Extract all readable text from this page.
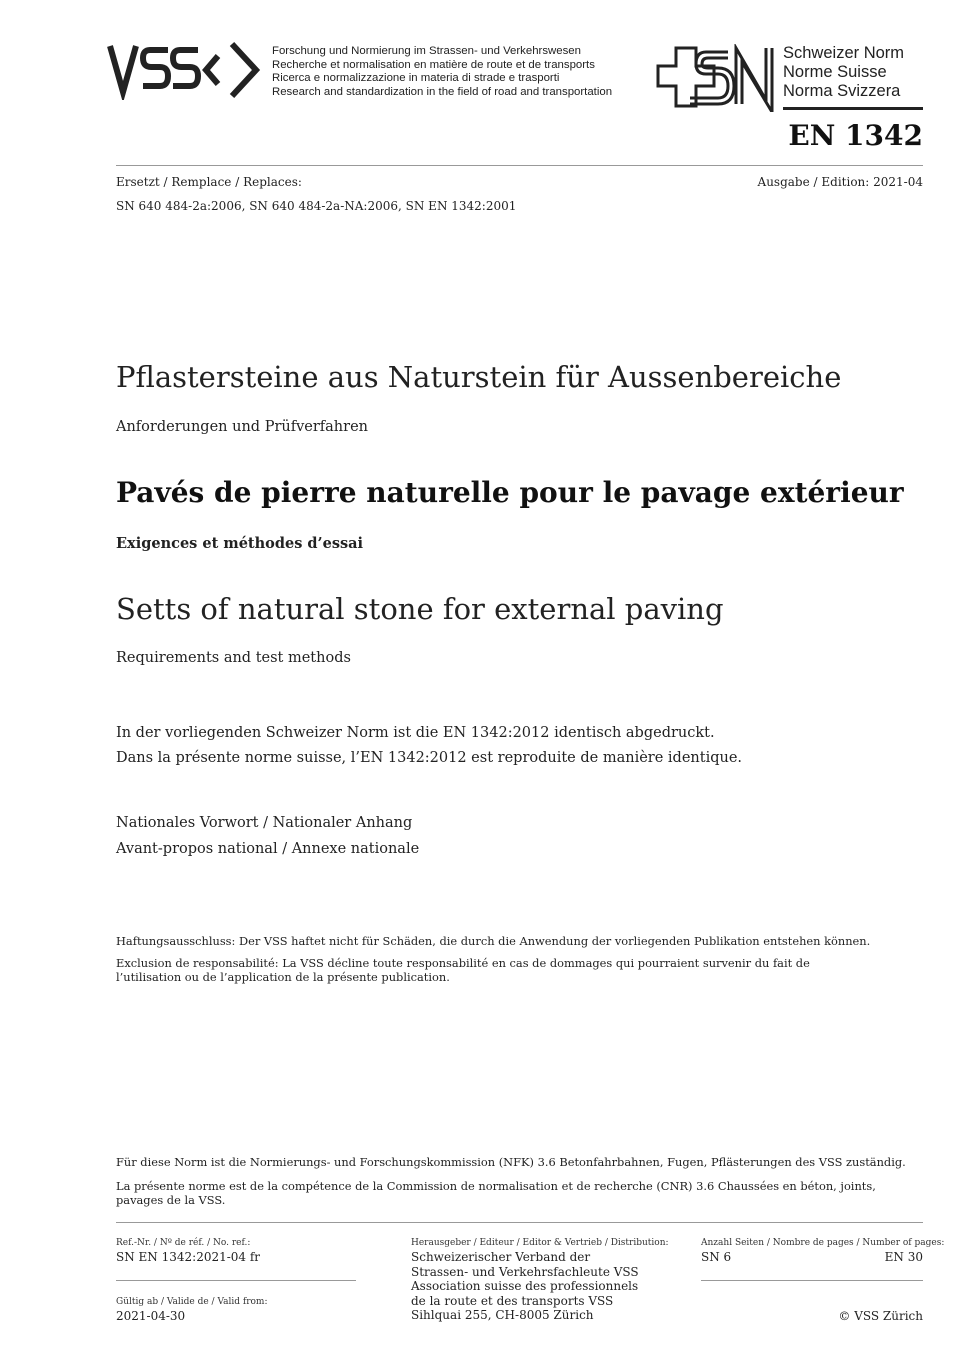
Forschung und Normierung im Strassen- und Verkehrswesen
Recherche et normalisation en matière de route et de transports
Ricerca e normalizzazione in materia di strade e trasporti
Research and standardization in the field of road and transportation
Schweizer Norm
Norme Suisse
Norma Svizzera
EN 1342
Ersetzt / Remplace / Replaces:	Ausgabe / Edition: 2021-04
SN 640 484-2a:2006, SN 640 484-2a-NA:2006, SN EN 1342:2001
Pflastersteine aus Naturstein für Aussenbereiche
Anforderungen und Prüfverfahren
Pavés de pierre naturelle pour le pavage extérieur
Exigences et méthodes d’essai
Setts of natural stone for external paving
Requirements and test methods
In der vorliegenden Schweizer Norm ist die EN 1342:2012 identisch abgedruckt.
Dans la présente norme suisse, l’EN 1342:2012 est reproduite de manière identique.
Nationales Vorwort / Nationaler Anhang
Avant-propos national / Annexe nationale
Haftungsausschluss: Der VSS haftet nicht für Schäden, die durch die Anwendung der vorliegenden Publikation entstehen können.
Exclusion de responsabilité: La VSS décline toute responsabilité en cas de dommages qui pourraient survenir du fait de l’utilisation ou de l’application de la présente publication.
Für diese Norm ist die Normierungs- und Forschungskommission (NFK) 3.6 Betonfahrbahnen, Fugen, Pflästerungen des VSS zuständig.
La présente norme est de la compétence de la Commission de normalisation et de recherche (CNR) 3.6 Chaussées en béton, joints, pavages de la VSS.
Ref.-Nr. / Nº de réf. / No. ref.:
SN EN 1342:2021-04 fr
Gültig ab / Valide de / Valid from:
2021-04-30
Herausgeber / Editeur / Editor & Vertrieb / Distribution:
Schweizerischer Verband der
Strassen- und Verkehrsfachleute VSS
Association suisse des professionnels
de la route et des transports VSS
Sihlquai 255, CH-8005 Zürich
Anzahl Seiten / Nombre de pages / Number of pages:
SN 6	EN 30
© VSS Zürich
